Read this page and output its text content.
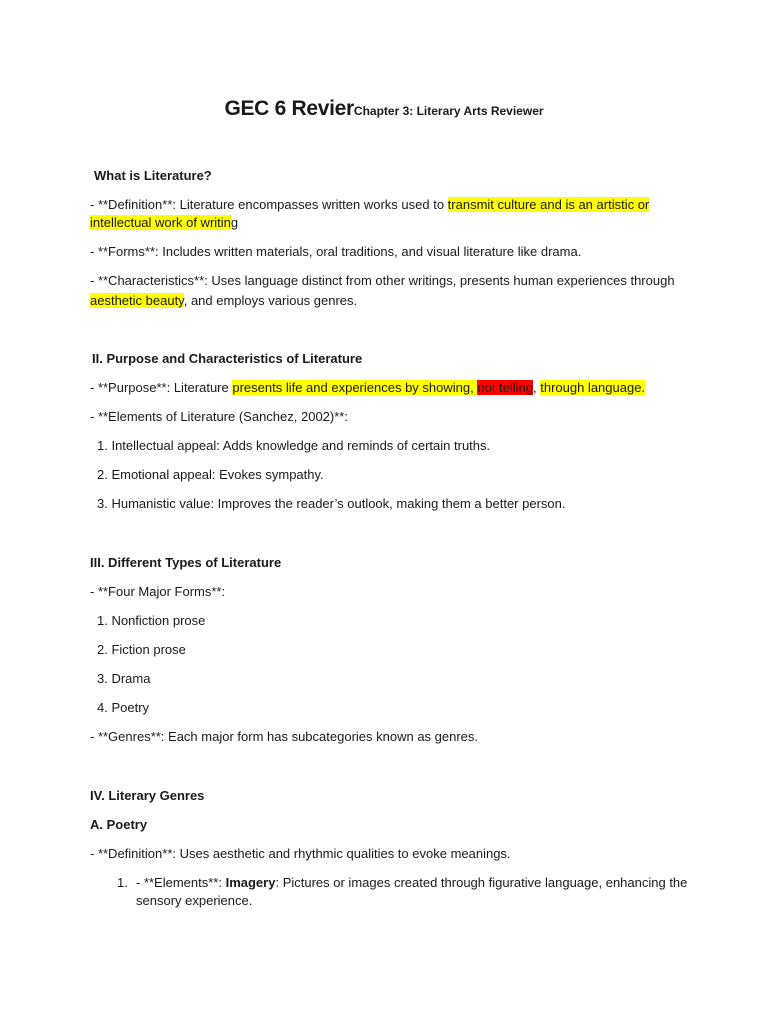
GEC 6 RevierChapter 3: Literary Arts Reviewer
What is Literature?
- **Definition**: Literature encompasses written works used to transmit culture and is an artistic or
intellectual work of writing
- **Forms**: Includes written materials, oral traditions, and visual literature like drama.
- **Characteristics**: Uses language distinct from other writings, presents human experiences through
aesthetic beauty, and employs various genres.
II. Purpose and Characteristics of Literature
- **Purpose**: Literature presents life and experiences by showing, not telling, through language.
- **Elements of Literature (Sanchez, 2002)**:
1. Intellectual appeal: Adds knowledge and reminds of certain truths.
2. Emotional appeal: Evokes sympathy.
3. Humanistic value: Improves the reader’s outlook, making them a better person.
III. Different Types of Literature
- **Four Major Forms**:
1. Nonfiction prose
2. Fiction prose
3. Drama
4. Poetry
- **Genres**: Each major form has subcategories known as genres.
IV. Literary Genres
A. Poetry
- **Definition**: Uses aesthetic and rhythmic qualities to evoke meanings.
1. - **Elements**: Imagery: Pictures or images created through figurative language, enhancing the
sensory experience.
